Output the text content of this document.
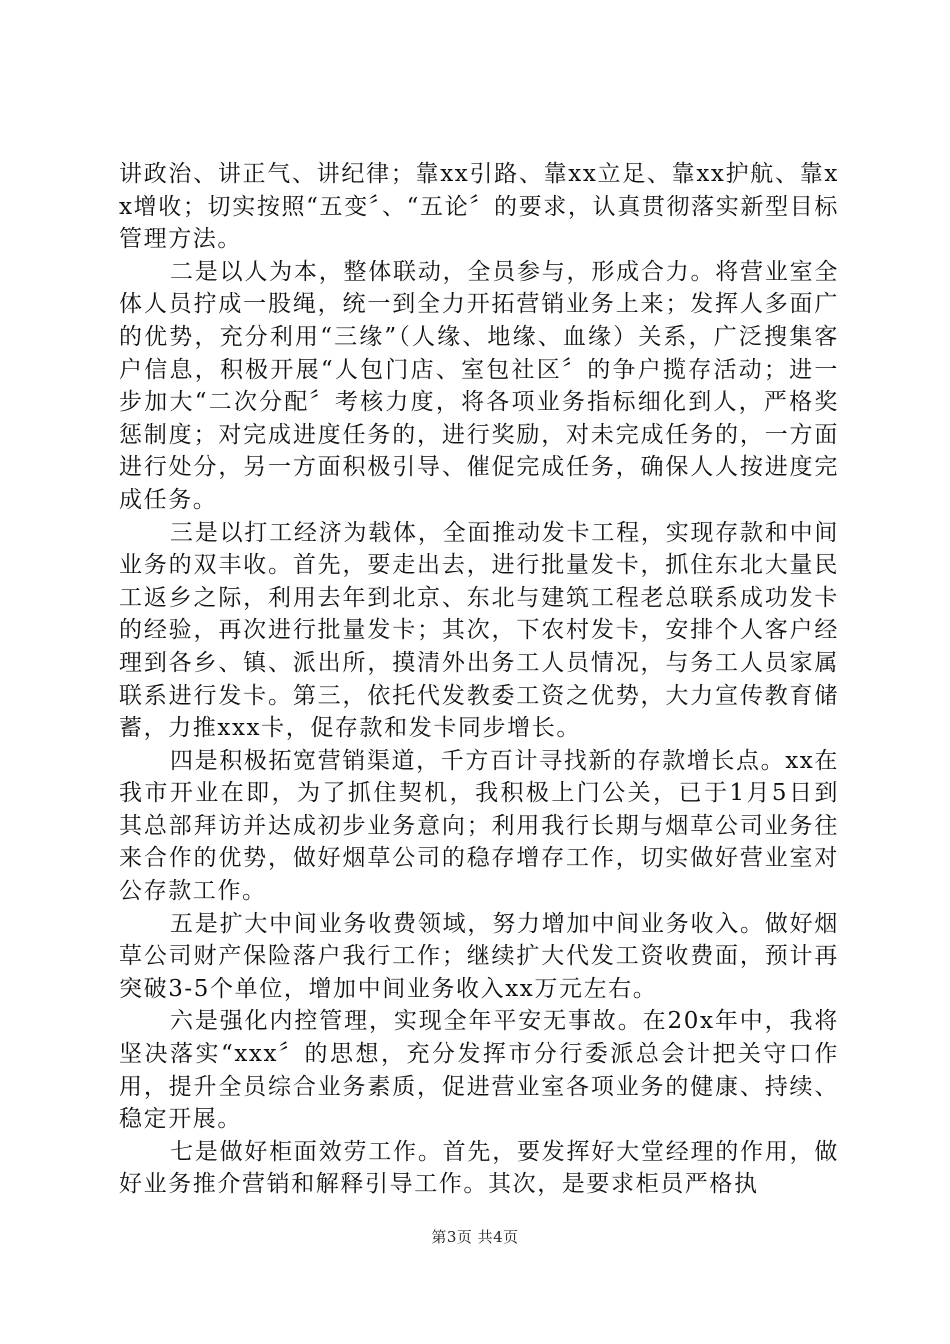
讲政治、讲正气、讲纪律；靠xx引路、靠xx立足、靠xx护航、靠xx增收；切实按照“五变〞、“五论〞的要求，认真贯彻落实新型目标管理方法。

二是以人为本，整体联动，全员参与，形成合力。将营业室全体人员拧成一股绳，统一到全力开拓营销业务上来；发挥人多面广的优势，充分利用“三缘”（人缘、地缘、血缘）关系，广泛搜集客户信息，积极开展“人包门店、室包社区〞的争户揽存活动；进一步加大“二次分配〞考核力度，将各项业务指标细化到人，严格奖惩制度；对完成进度任务的，进行奖励，对未完成任务的，一方面进行处分，另一方面积极引导、催促完成任务，确保人人按进度完成任务。

三是以打工经济为载体，全面推动发卡工程，实现存款和中间业务的双丰收。首先，要走出去，进行批量发卡，抓住东北大量民工返乡之际，利用去年到北京、东北与建筑工程老总联系成功发卡的经验，再次进行批量发卡；其次，下农村发卡，安排个人客户经理到各乡、镇、派出所，摸清外出务工人员情况，与务工人员家属联系进行发卡。第三，依托代发教委工资之优势，大力宣传教育储蓄，力推xxx卡，促存款和发卡同步增长。

四是积极拓宽营销渠道，千方百计寻找新的存款增长点。xx在我市开业在即，为了抓住契机，我积极上门公关，已于1月5日到其总部拜访并达成初步业务意向；利用我行长期与烟草公司业务往来合作的优势，做好烟草公司的稳存增存工作，切实做好营业室对公存款工作。

五是扩大中间业务收费领域，努力增加中间业务收入。做好烟草公司财产保险落户我行工作；继续扩大代发工资收费面，预计再突破3-5个单位，增加中间业务收入xx万元左右。

六是强化内控管理，实现全年平安无事故。在20x年中，我将坚决落实“xxx〞的思想，充分发挥市分行委派总会计把关守口作用，提升全员综合业务素质，促进营业室各项业务的健康、持续、稳定开展。

七是做好柜面效劳工作。首先，要发挥好大堂经理的作用，做好业务推介营销和解释引导工作。其次，是要求柜员严格执

第3页 共4页
